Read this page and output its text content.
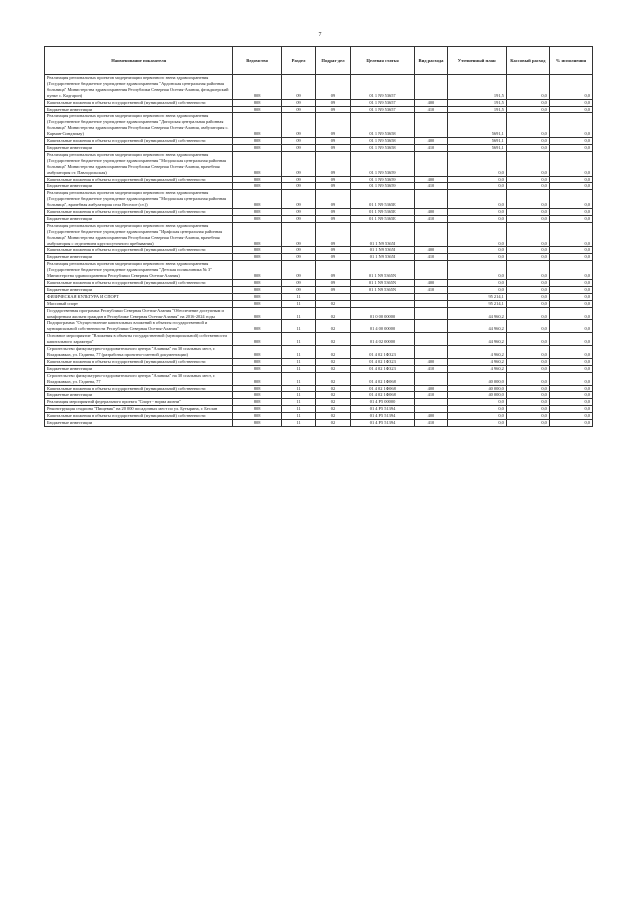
7
Наименование показателя	Ведомство	Раздел	Подраз-дел	Целевая статья	Вид расхода	Уточненный план	Кассовый расход	% исполнения
Реализация региональных проектов модернизации первичного звена здравоохранения (Государственное бюджетное учреждение здравоохранения "Ардонская центральная районная больница" Министерства здравоохранения Республики Северная Осетия-Алания, фельдшерский пункт с. Кадгарон)	808	09	09	01 1 N9 53657		191,5	0,0	0,0
Капитальные вложения в объекты государственной (муниципальной) собственности	808	09	09	01 1 N9 53657	400	191,5	0,0	0,0
Бюджетные инвестиции	808	09	09	01 1 N9 53657	410	191,5	0,0	0,0
Реализация региональных проектов модернизации первичного звена здравоохранения (Государственное бюджетное учреждение здравоохранения "Дигорская центральная районная больница" Министерства здравоохранения Республики Северная Осетия-Алания, амбулатория с. Карман-Синдзикау)	808	09	09	01 1 N9 53658		5691,1	0,0	0,0
Капитальные вложения в объекты государственной (муниципальной) собственности	808	09	09	01 1 N9 53658	400	5691,1	0,0	0,0
Бюджетные инвестиции	808	09	09	01 1 N9 53658	410	5691,1	0,0	0,0
Реализация региональных проектов модернизации первичного звена здравоохранения (Государственное бюджетное учреждение здравоохранения "Моздокская центральная районная больница" Министерства здравоохранения Республики Северная Осетия-Алания, врачебная амбулатория ст. Павлодольская)	808	09	09	01 1 N9 53659		0,0	0,0	0,0
Капитальные вложения в объекты государственной (муниципальной) собственности	808	09	09	01 1 N9 53659	400	0,0	0,0	0,0
Бюджетные инвестиции	808	09	09	01 1 N9 53659	410	0,0	0,0	0,0
Реализация региональных проектов модернизации первичного звена здравоохранения (Государственное бюджетное учреждение здравоохранения "Моздокская центральная районная больница", врачебная амбулатория села Веселое (ст.))	808	09	09	01 1 N9 5365E		0,0	0,0	0,0
Капитальные вложения в объекты государственной (муниципальной) собственности	808	09	09	01 1 N9 5365E	400	0,0	0,0	0,0
Бюджетные инвестиции	808	09	09	01 1 N9 5365E	410	0,0	0,0	0,0
Реализация региональных проектов модернизации первичного звена здравоохранения (Государственное бюджетное учреждение здравоохранения "Ирафская центральная районная больница" Министерства здравоохранения Республики Северная Осетия-Алания, врачебная амбулатория с отделением круглосуточного пребывания)	808	09	09	01 1 N9 5365I		0,0	0,0	0,0
Капитальные вложения в объекты государственной (муниципальной) собственности	808	09	09	01 1 N9 5365I	400	0,0	0,0	0,0
Бюджетные инвестиции	808	09	09	01 1 N9 5365I	410	0,0	0,0	0,0
Реализация региональных проектов модернизации первичного звена здравоохранения (Государственное бюджетное учреждение здравоохранения "Детская поликлиника № 3" Министерства здравоохранения Республики Северная Осетия-Алания)	808	09	09	01 1 N9 5365N		0,0	0,0	0,0
Капитальные вложения в объекты государственной (муниципальной) собственности	808	09	09	01 1 N9 5365N	400	0,0	0,0	0,0
Бюджетные инвестиции	808	09	09	01 1 N9 5365N	410	0,0	0,0	0,0
ФИЗИЧЕСКАЯ КУЛЬТУРА И СПОРТ	808	11				95 214,1	0,0	0,0
Массовый спорт	808	11	02			95 214,1	0,0	0,0
Государственная программа Республики Северная Осетия-Алания "Обеспечение доступным и комфортным жильем граждан в Республике Северная Осетия-Алания" на 2016-2024 годы	808	11	02	01 0 00 00000		44 960,2	0,0	0,0
Подпрограмма "Осуществление капитальных вложений в объекты государственной и муниципальной собственности Республики Северная Осетия-Алания"	808	11	02	01 4 00 00000		44 960,2	0,0	0,0
Основное мероприятие "Вложения в объекты государственной (муниципальной) собственности капитального характера"	808	11	02	01 4 02 00000		44 960,2	0,0	0,0
Строительство физкультурно-оздоровительного центра "Аланика" на 30 спальных мест, г. Владикавказ, ул. Гадиева, 77 (разработка проектно-сметной документации)	808	11	02	01 4 02 1Ф323		4 960,2	0,0	0,0
Капитальные вложения в объекты государственной (муниципальной) собственности	808	11	02	01 4 02 1Ф323	400	4 960,2	0,0	0,0
Бюджетные инвестиции	808	11	02	01 4 02 1Ф323	410	4 960,2	0,0	0,0
Строительство физкультурно-оздоровительного центра "Аланика" на 30 спальных мест, г. Владикавказ, ул. Гадиева, 77	808	11	02	01 4 02 1Ф068		40 000,0	0,0	0,0
Капитальные вложения в объекты государственной (муниципальной) собственности	808	11	02	01 4 02 1Ф068	400	40 000,0	0,0	0,0
Бюджетные инвестиции	808	11	02	01 4 02 1Ф068	410	40 000,0	0,0	0,0
Реализация мероприятий федерального проекта "Спорт - норма жизни"	808	11	02	01 4 P5 00000		0,0	0,0	0,0
Реконструкция стадиона "Пищевик" на 20 000 посадочных мест по ул. Бутырина, г. Беслан	808	11	02	01 4 P5 51394		0,0	0,0	0,0
Капитальные вложения в объекты государственной (муниципальной) собственности	808	11	02	01 4 P5 51394	400	0,0	0,0	0,0
Бюджетные инвестиции	808	11	02	01 4 P5 51394	410	0,0	0,0	0,0
